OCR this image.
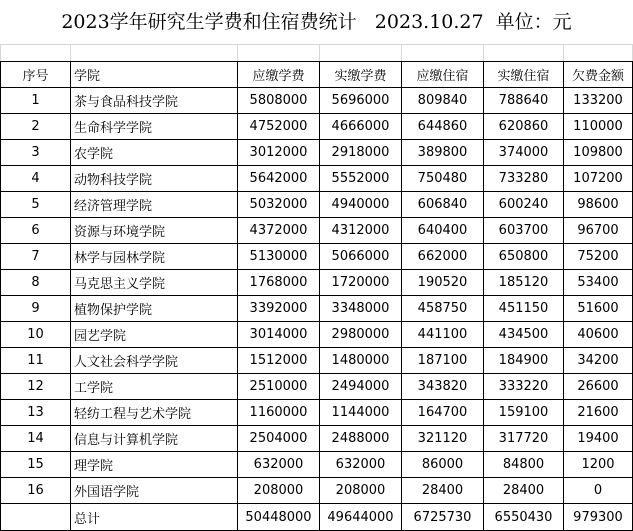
2023学年研究生学费和住宿费统计   2023.10.27  单位：元
序号	学院	应缴学费	实缴学费	应缴住宿	实缴住宿	欠费金额
1	茶与食品科技学院	5808000	5696000	809840	788640	133200
2	生命科学学院	4752000	4666000	644860	620860	110000
3	农学院	3012000	2918000	389800	374000	109800
4	动物科技学院	5642000	5552000	750480	733280	107200
5	经济管理学院	5032000	4940000	606840	600240	98600
6	资源与环境学院	4372000	4312000	640400	603700	96700
7	林学与园林学院	5130000	5066000	662000	650800	75200
8	马克思主义学院	1768000	1720000	190520	185120	53400
9	植物保护学院	3392000	3348000	458750	451150	51600
10	园艺学院	3014000	2980000	441100	434500	40600
11	人文社会科学学院	1512000	1480000	187100	184900	34200
12	工学院	2510000	2494000	343820	333220	26600
13	轻纺工程与艺术学院	1160000	1144000	164700	159100	21600
14	信息与计算机学院	2504000	2488000	321120	317720	19400
15	理学院	632000	632000	86000	84800	1200
16	外国语学院	208000	208000	28400	28400	0
	总计	50448000	49644000	6725730	6550430	979300
